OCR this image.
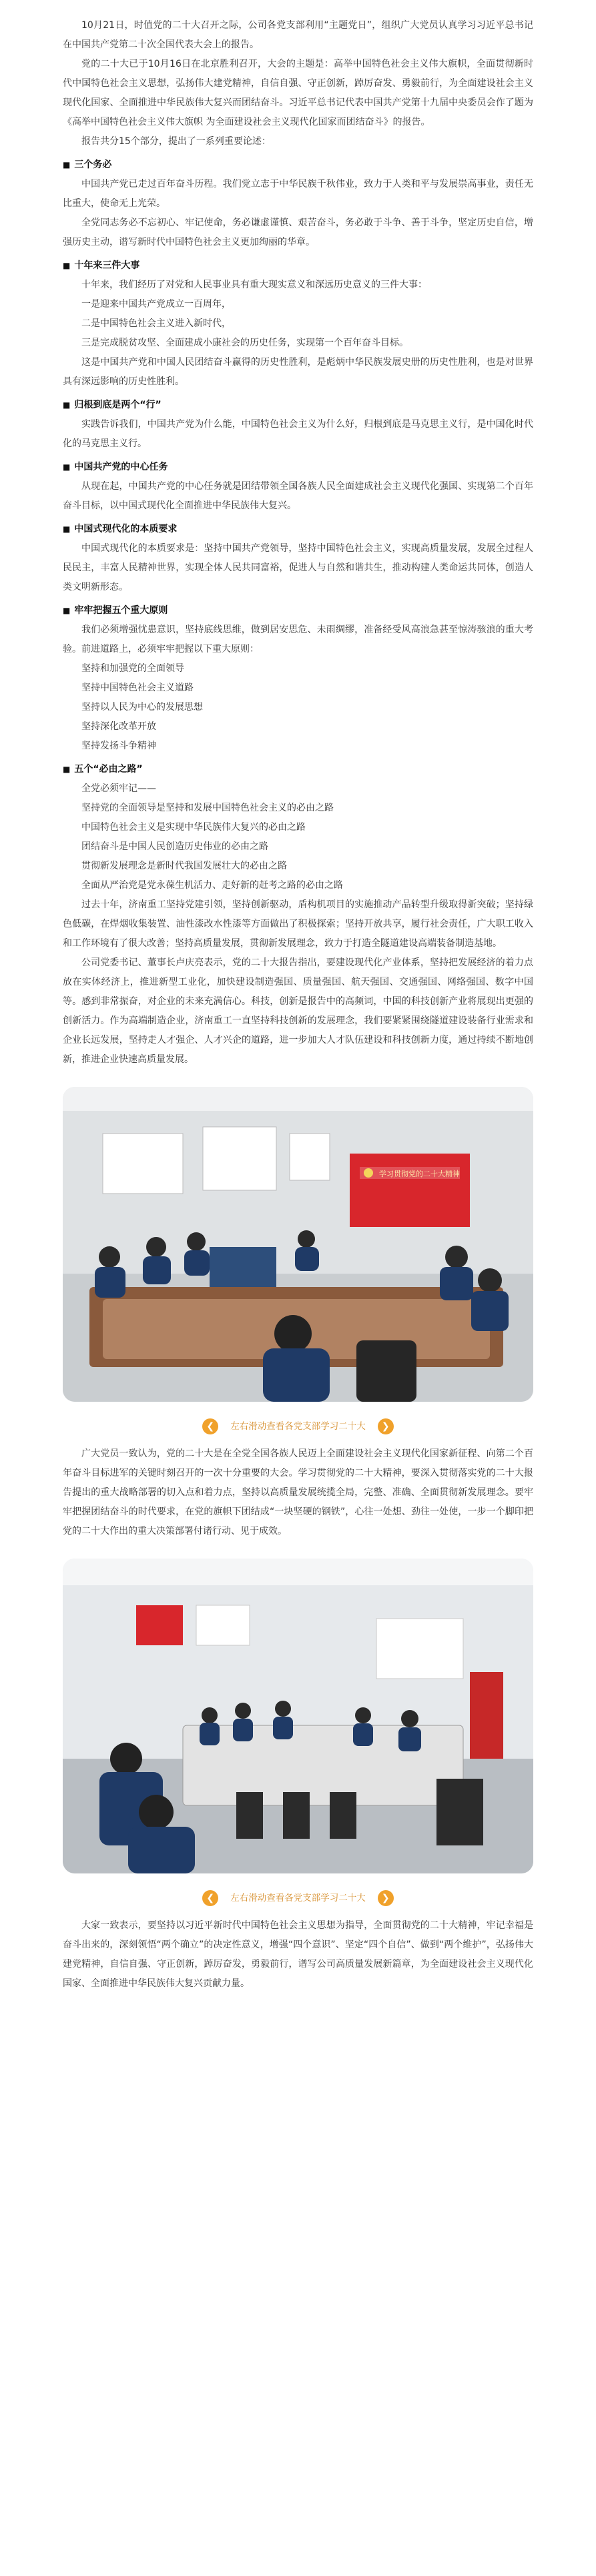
10月21日，时值党的二十大召开之际，公司各党支部利用“主题党日”，组织广大党员认真学习习近平总书记在中国共产党第二十次全国代表大会上的报告。

党的二十大已于10月16日在北京胜利召开，大会的主题是：高举中国特色社会主义伟大旗帜，全面贯彻新时代中国特色社会主义思想，弘扬伟大建党精神，自信自强、守正创新，踔厉奋发、勇毅前行，为全面建设社会主义现代化国家、全面推进中华民族伟大复兴而团结奋斗。习近平总书记代表中国共产党第十九届中央委员会作了题为《高举中国特色社会主义伟大旗帜 为全面建设社会主义现代化国家而团结奋斗》的报告。

报告共分15个部分，提出了一系列重要论述：

■ 三个务必

中国共产党已走过百年奋斗历程。我们党立志于中华民族千秋伟业，致力于人类和平与发展崇高事业，责任无比重大，使命无上光荣。

全党同志务必不忘初心、牢记使命，务必谦虚谨慎、艰苦奋斗，务必敢于斗争、善于斗争，坚定历史自信，增强历史主动，谱写新时代中国特色社会主义更加绚丽的华章。

■ 十年来三件大事

十年来，我们经历了对党和人民事业具有重大现实意义和深远历史意义的三件大事：

一是迎来中国共产党成立一百周年，

二是中国特色社会主义进入新时代，

三是完成脱贫攻坚、全面建成小康社会的历史任务，实现第一个百年奋斗目标。

这是中国共产党和中国人民团结奋斗赢得的历史性胜利，是彪炳中华民族发展史册的历史性胜利，也是对世界具有深远影响的历史性胜利。

■ 归根到底是两个“行”

实践告诉我们，中国共产党为什么能，中国特色社会主义为什么好，归根到底是马克思主义行，是中国化时代化的马克思主义行。

■ 中国共产党的中心任务

从现在起，中国共产党的中心任务就是团结带领全国各族人民全面建成社会主义现代化强国、实现第二个百年奋斗目标，以中国式现代化全面推进中华民族伟大复兴。

■ 中国式现代化的本质要求

中国式现代化的本质要求是：坚持中国共产党领导，坚持中国特色社会主义，实现高质量发展，发展全过程人民民主，丰富人民精神世界，实现全体人民共同富裕，促进人与自然和谐共生，推动构建人类命运共同体，创造人类文明新形态。

■ 牢牢把握五个重大原则

我们必须增强忧患意识，坚持底线思维，做到居安思危、未雨绸缪，准备经受风高浪急甚至惊涛骇浪的重大考验。前进道路上，必须牢牢把握以下重大原则：

坚持和加强党的全面领导

坚持中国特色社会主义道路

坚持以人民为中心的发展思想

坚持深化改革开放

坚持发扬斗争精神

■ 五个“必由之路”

全党必须牢记——

坚持党的全面领导是坚持和发展中国特色社会主义的必由之路

中国特色社会主义是实现中华民族伟大复兴的必由之路

团结奋斗是中国人民创造历史伟业的必由之路

贯彻新发展理念是新时代我国发展壮大的必由之路

全面从严治党是党永葆生机活力、走好新的赶考之路的必由之路

过去十年，济南重工坚持党建引领，坚持创新驱动，盾构机项目的实施推动产品转型升级取得新突破；坚持绿色低碳，在焊烟收集装置、油性漆改水性漆等方面做出了积极探索；坚持开放共享，履行社会责任，广大职工收入和工作环境有了很大改善；坚持高质量发展，贯彻新发展理念，致力于打造全隧道建设高端装备制造基地。

公司党委书记、董事长卢庆亮表示，党的二十大报告指出，要建设现代化产业体系，坚持把发展经济的着力点放在实体经济上，推进新型工业化，加快建设制造强国、质量强国、航天强国、交通强国、网络强国、数字中国等。感到非常振奋，对企业的未来充满信心。科技，创新是报告中的高频词，中国的科技创新产业将展现出更强的创新活力。作为高端制造企业，济南重工一直坚持科技创新的发展理念，我们要紧紧围绕隧道建设装备行业需求和企业长远发展，坚持走人才强企、人才兴企的道路，进一步加大人才队伍建设和科技创新力度，通过持续不断地创新，推进企业快速高质量发展。

学习贯彻党的二十大精神
❮	左右滑动查看各党支部学习二十大	❯

广大党员一致认为，党的二十大是在全党全国各族人民迈上全面建设社会主义现代化国家新征程、向第二个百年奋斗目标进军的关键时刻召开的一次十分重要的大会。学习贯彻党的二十大精神，要深入贯彻落实党的二十大报告提出的重大战略部署的切入点和着力点，坚持以高质量发展统揽全局，完整、准确、全面贯彻新发展理念。要牢牢把握团结奋斗的时代要求，在党的旗帜下团结成“一块坚硬的钢铁”，心往一处想、劲往一处使，一步一个脚印把党的二十大作出的重大决策部署付诸行动、见于成效。

❮	左右滑动查看各党支部学习二十大	❯

大家一致表示，要坚持以习近平新时代中国特色社会主义思想为指导，全面贯彻党的二十大精神，牢记幸福是奋斗出来的，深刻领悟“两个确立”的决定性意义，增强“四个意识”、坚定“四个自信”、做到“两个维护”，弘扬伟大建党精神，自信自强、守正创新，踔厉奋发，勇毅前行，谱写公司高质量发展新篇章，为全面建设社会主义现代化国家、全面推进中华民族伟大复兴贡献力量。
